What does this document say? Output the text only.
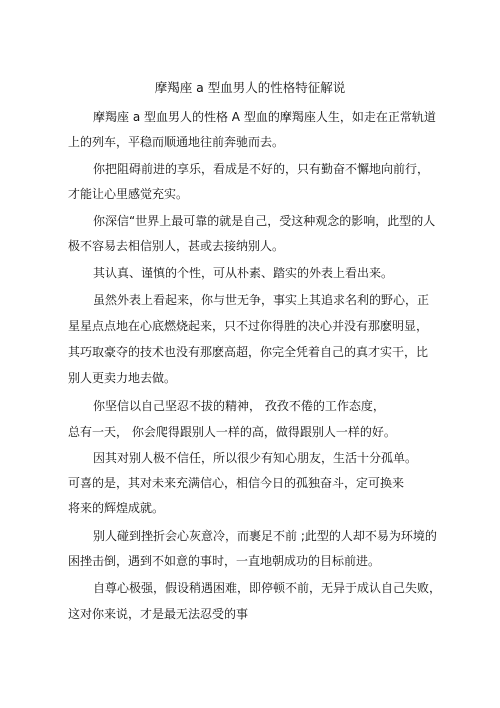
摩羯座 a 型血男人的性格特征解说
摩羯座 a 型血男人的性格 A 型血的摩羯座人生，如走在正常轨道
上的列车，平稳而顺通地往前奔驰而去。
你把阻碍前进的享乐，看成是不好的，只有勤奋不懈地向前行，
才能让心里感觉充实。
你深信“世界上最可靠的就是自己，受这种观念的影响，此型的人
极不容易去相信别人，甚或去接纳别人。
其认真、谨慎的个性，可从朴素、踏实的外表上看出来。
虽然外表上看起来，你与世无争，事实上其追求名利的野心，正
星星点点地在心底燃烧起来，只不过你得胜的决心并没有那麽明显，
其巧取豪夺的技术也没有那麽高超，你完全凭着自己的真才实干，比
别人更卖力地去做。
你坚信以自己坚忍不拔的精神， 孜孜不倦的工作态度，
总有一天， 你会爬得跟别人一样的高，做得跟别人一样的好。
因其对别人极不信任，所以很少有知心朋友，生活十分孤单。
可喜的是，其对未来充满信心，相信今日的孤独奋斗，定可换来
将来的辉煌成就。
别人碰到挫折会心灰意冷，而裹足不前 ;此型的人却不易为环境的
困挫击倒，遇到不如意的事时，一直地朝成功的目标前进。
自尊心极强，假设稍遇困难，即停顿不前，无异于成认自己失败，
这对你来说，才是最无法忍受的事
